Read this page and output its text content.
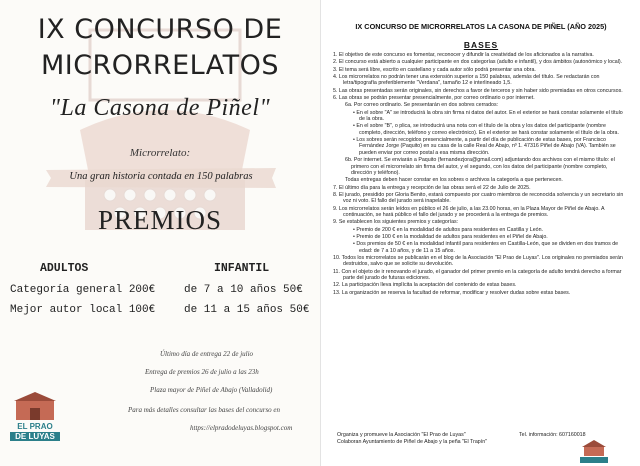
IX CONCURSO DE
MICRORRELATOS
"La Casona de Piñel"
Microrrelato:
Una gran historia contada en 150 palabras
PREMIOS
ADULTOS	INFANTIL
Categoría general 200€
Mejor autor local 100€
de 7 a 10 años 50€
de 11 a 15 años 50€
Último día de entrega 22 de julio
Entrega de premios 26 de julio a las 23h
Plaza mayor de Piñel de Abajo (Valladolid)
Para más detalles consultar las bases del concurso en
https://elpradodeluyas.blogspot.com
EL PRAO
DE LUYAS
IX CONCURSO DE MICRORRELATOS LA CASONA DE PIÑEL (AÑO 2025)
BASES

1. El objetivo de este concurso es fomentar, reconocer y difundir la creatividad de los aficionados a la narrativa.

2. El concurso está abierto a cualquier participante en dos categorías (adulto e infantil), y dos ámbitos (autonómico y local).

3. El tema será libre, escrito en castellano y cada autor sólo podrá presentar una obra.

4. Los microrrelatos no podrán tener una extensión superior a 150 palabras, además del título. Se redactarán con letra/tipografía preferiblemente "Verdana", tamaño 12 e interlineado 1,5.

5. Las obras presentadas serán originales, sin derechos a favor de terceros y sin haber sido premiadas en otros concursos.

6. Las obras se podrán presentar presencialmente, por correo ordinario o por internet.

6a. Por correo ordinario. Se presentarán en dos sobres cerrados:

• En el sobre "A" se introducirá la obra sin firma ni datos del autor. En el exterior se hará constar solamente el título de la obra.

• En el sobre "B", o plica, se introducirá una nota con el título de la obra y los datos del participante (nombre completo, dirección, teléfono y correo electrónico). En el exterior se hará constar solamente el título de la obra.

• Los sobres serán recogidos presencialmente, a partir del día de publicación de estas bases, por Francisco Fernández Jorge (Paquito) en su casa de la calle Real de Abajo, nº 1. 47316 Piñel de Abajo (VA). También se pueden enviar por correo postal a esa misma dirección.

6b. Por internet. Se enviarán a Paquito (fernandezjora@gmail.com) adjuntando dos archivos con el mismo título: el primero con el microrrelato sin firma del autor, y el segundo, con los datos del participante (nombre completo, dirección y teléfono).

Todas entregas deben hacer constar en los sobres o archivos la categoría a que pertenecen.

7. El último día para la entrega y recepción de las obras será el 22 de Julio de 2025.

8. El jurado, presidido por Gloria Benito, estará compuesto por cuatro miembros de reconocida solvencia y un secretario sin voz ni voto. El fallo del jurado será inapelable.

9. Los microrrelatos serán leídos en público el 26 de julio, a las 23.00 horas, en la Plaza Mayor de Piñel de Abajo. A continuación, se hará público el fallo del jurado y se procederá a la entrega de premios.

9. Se establecen los siguientes premios y categorías:

• Premio de 200 € en la modalidad de adultos para residentes en Castilla y León.

• Premio de 100 € en la modalidad de adultos para residentes en el Piñel de Abajo.

• Dos premios de 50 € en la modalidad infantil para residentes en Castilla-León, que se dividen en dos tramos de edad: de 7 a 10 años, y de 11 a 15 años.

10. Todos los microrrelatos se publicarán en el blog de la Asociación "El Prao de Luyas". Los originales no premiados serán destruidos, salvo que se solicite su devolución.

11. Con el objeto de ir renovando el jurado, el ganador del primer premio en la categoría de adulto tendrá derecho a formar parte del jurado de futuras ediciones.

12. La participación lleva implícita la aceptación del contenido de estas bases.

13. La organización se reserva la facultad de reformar, modificar y resolver dudas sobre estas bases.

Organiza y promueve la Asociación "El Prao de Luyas"
Colaboran Ayuntamiento de Piñel de Abajo y la peña "El Trapín"
Tel. información: 607160018
